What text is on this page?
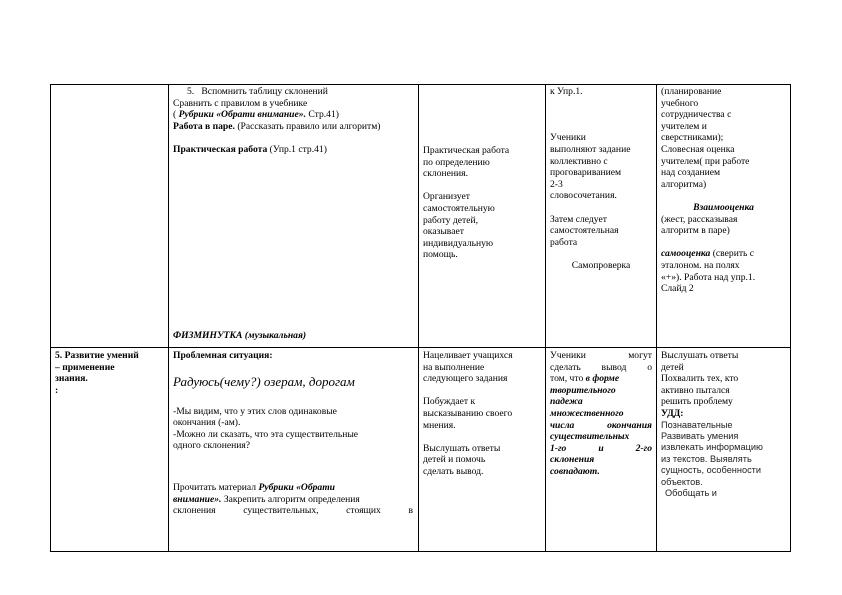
5. Вспомнить таблицу склонений

Сравнить с правилом в учебнике

( Рубрики «Обрати внимание». Стр.41)

Работа в паре. (Рассказать правило или алгоритм)

Практическая работа (Упр.1 стр.41)

ФИЗМИНУТКА (музыкальная)

Практическая работа

по определению

склонения.

Организует

самостоятельную

работу детей,

оказывает

индивидуальную

помощь.

к Упр.1.

Ученики

выполняют задание

коллективно с

проговариванием

2-3

словосочетания.

Затем следует

самостоятельная

работа

Самопроверка

(планирование

учебного

сотрудничества с

учителем и

сверстниками);

Словесная оценка

учителем( при работе

над созданием

алгоритма)

Взаимооценка

(жест, рассказывая

алгоритм в паре)

самооценка (сверить с

эталоном. на полях

«+»). Работа над упр.1.

Слайд 2

5. Развитие умений

– применение

знания.

:

Проблемная ситуация:

Радуюсь(чему?) озерам, дорогам

-Мы видим, что у этих слов одинаковые

окончания (-ам).

-Можно ли сказать, что эта существительные

одного склонения?

Прочитать материал Рубрики «Обрати

внимание». Закрепить алгоритм определения

склонения существительных, стоящих в

Нацеливает учащихся

на выполнение

следующего задания

Побуждает к

высказыванию своего

мнения.

Выслушать ответы

детей и помочь

сделать вывод.

Ученики могут

сделать вывод о

том, что в форме

творительного

падежа

множественного

числа окончания

существительных

1-го и 2-го

склонения

совпадают.

Выслушать ответы

детей

Похвалить тех, кто

активно пытался

решить проблему

УДД:

Познавательные

Развивать умения

извлекать информацию

из текстов. Выявлять

сущность, особенности

объектов.

Обобщать и
